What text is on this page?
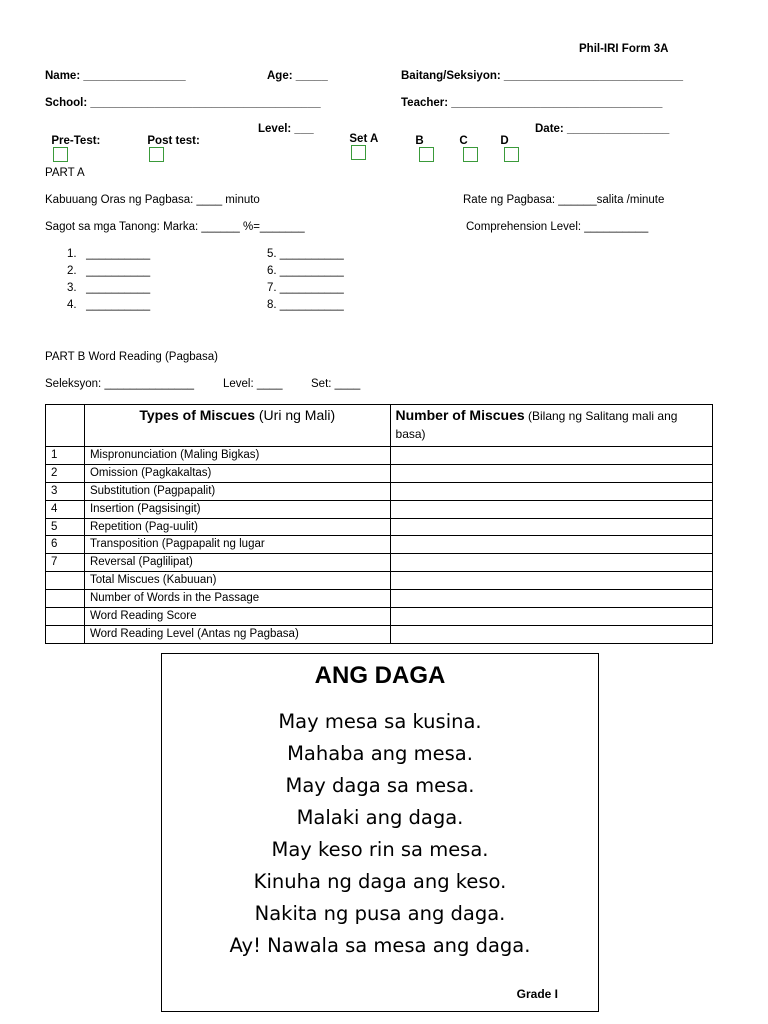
Phil-IRI Form 3A
Name: ________________	Age: _____	Baitang/Seksiyon: ____________________________
School: ____________________________________	Teacher: _________________________________

Pre-Test:
	Post test:

Level: ___

Set A
	B
	C
	D

Date: ________________
PART A
Kabuuang Oras ng Pagbasa: ____ minuto	Rate ng Pagbasa: ______salita /minute
Sagot sa mga Tanong: Marka: ______ %=_______	Comprehension Level: __________
1.   __________
2.   __________
3.   __________
4.   __________
5. __________
6. __________
7. __________
8. __________
PART B Word Reading (Pagbasa)
Seleksyon: ______________	Level: ____ Set: ____
	Types of Miscues (Uri ng Mali)	Number of Miscues (Bilang ng Salitang mali ang basa)
1	Mispronunciation (Maling Bigkas)	
2	Omission (Pagkakaltas)	
3	Substitution (Pagpapalit)	
4	Insertion (Pagsisingit)	
5	Repetition (Pag-uulit)	
6	Transposition (Pagpapalit ng lugar	
7	Reversal (Paglilipat)	
	Total Miscues (Kabuuan)	
	Number of Words in the Passage	
	Word Reading Score	
	Word Reading Level (Antas ng Pagbasa)	
ANG DAGA
May mesa sa kusina.
Mahaba ang mesa.
May daga sa mesa.
Malaki ang daga.
May keso rin sa mesa.
Kinuha ng daga ang keso.
Nakita ng pusa ang daga.
Ay! Nawala sa mesa ang daga.
Grade I
